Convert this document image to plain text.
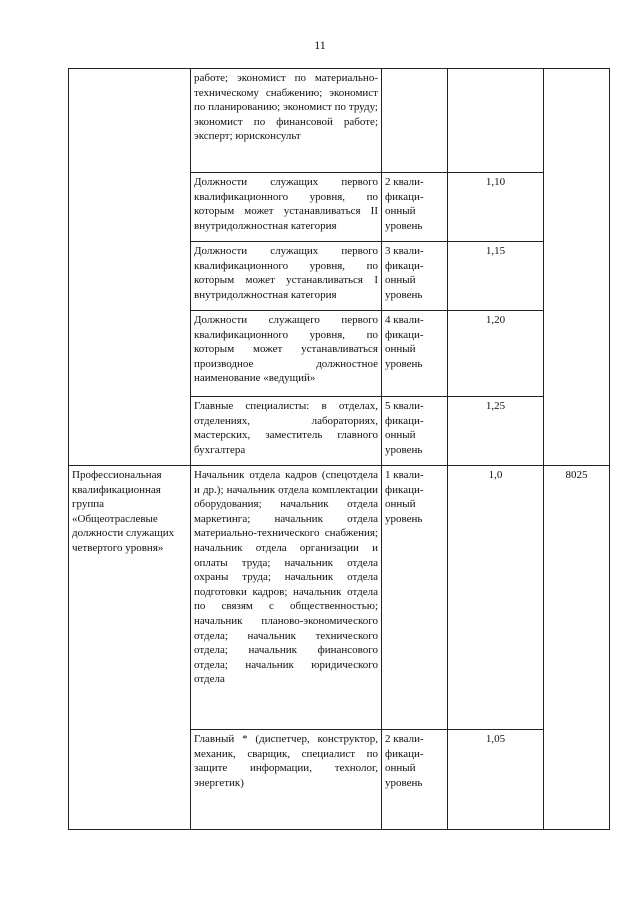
11

	работе; экономист по материально-техническому снабжению; экономист по планированию; экономист по труду; экономист по финансовой работе; эксперт; юрисконсульт			

	Должности служащих первого квалификационного уровня, по которым может устанавливаться II внутридолжностная категория	2 квали-фикаци-онный уровень	1,10	

	Должности служащих первого квалификационного уровня, по которым может устанавливаться I внутридолжностная категория	3 квали-фикаци-онный уровень	1,15	

	Должности служащего первого квалификационного уровня, по которым может устанавливаться производное должностное наименование «ведущий»	4 квали-фикаци-онный уровень	1,20	

	Главные специалисты: в отделах, отделениях, лабораториях, мастерских, заместитель главного бухгалтера	5 квали-фикаци-онный уровень	1,25	

Профессиональная квалификационная группа «Общеотраслевые должности служащих четвертого уровня»	Начальник отдела кадров (спецотдела и др.); начальник отдела комплектации оборудования; начальник отдела маркетинга; начальник отдела материально-технического снабжения; начальник отдела организации и оплаты труда; начальник отдела охраны труда; начальник отдела подготовки кадров; начальник отдела по связям с общественностью; начальник планово-экономического отдела; начальник технического отдела; начальник финансового отдела; начальник юридического отдела	1 квали-фикаци-онный уровень	1,0	8025

	Главный * (диспетчер, конструктор, механик, сварщик, специалист по защите информации, технолог, энергетик)	2 квали-фикаци-онный уровень	1,05	
